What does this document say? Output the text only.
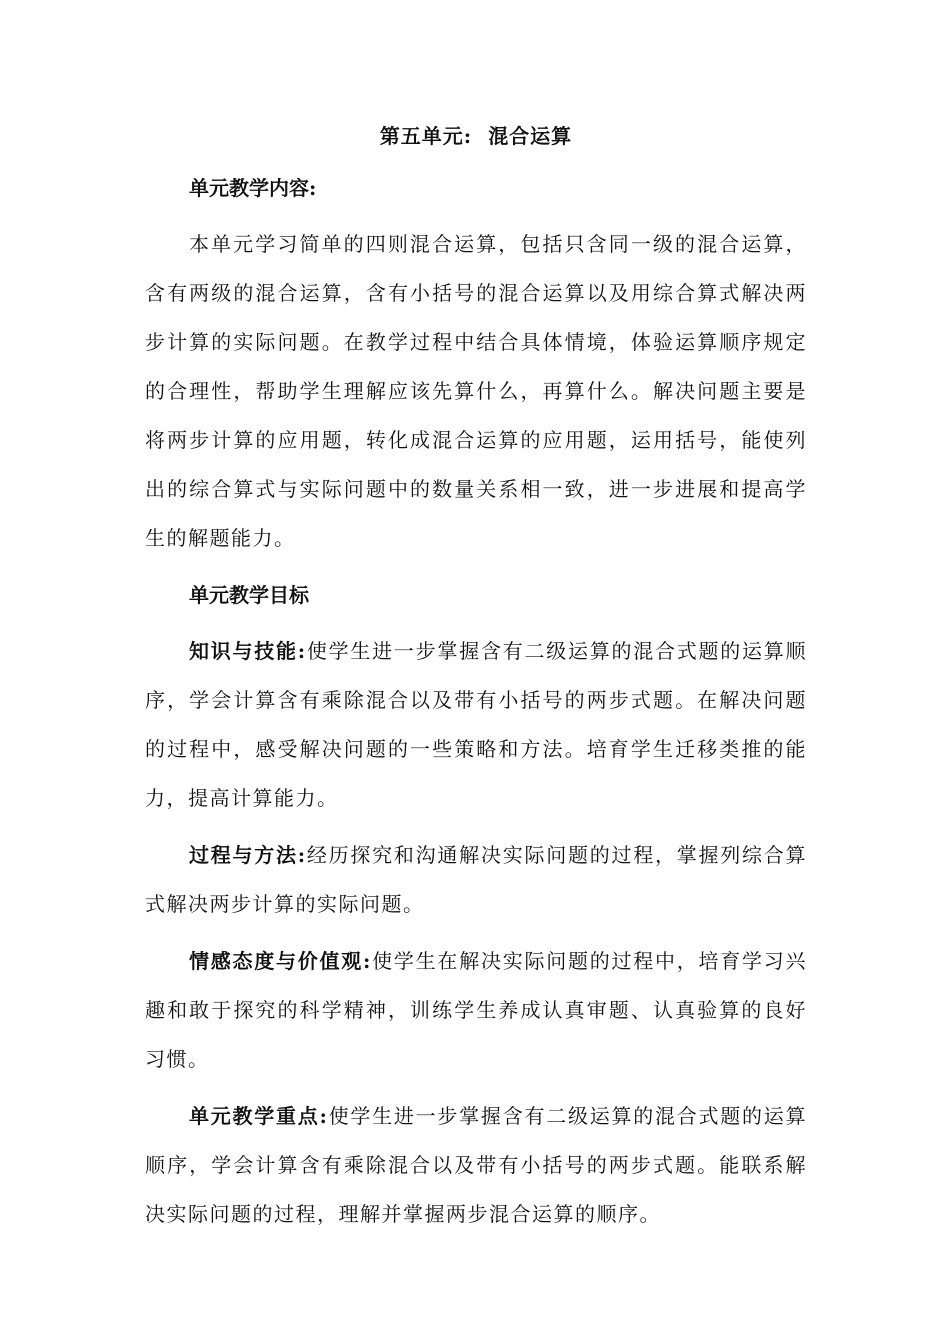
第五单元: 混合运算
单元教学内容:

本单元学习简单的四则混合运算，包括只含同一级的混合运算，含有两级的混合运算，含有小括号的混合运算以及用综合算式解决两步计算的实际问题。在教学过程中结合具体情境，体验运算顺序规定的合理性，帮助学生理解应该先算什么，再算什么。解决问题主要是将两步计算的应用题，转化成混合运算的应用题，运用括号，能使列出的综合算式与实际问题中的数量关系相一致，进一步进展和提高学生的解题能力。

单元教学目标

知识与技能:使学生进一步掌握含有二级运算的混合式题的运算顺序，学会计算含有乘除混合以及带有小括号的两步式题。在解决问题的过程中，感受解决问题的一些策略和方法。培育学生迁移类推的能力，提高计算能力。

过程与方法:经历探究和沟通解决实际问题的过程，掌握列综合算式解决两步计算的实际问题。

情感态度与价值观:使学生在解决实际问题的过程中，培育学习兴趣和敢于探究的科学精神，训练学生养成认真审题、认真验算的良好习惯。

单元教学重点:使学生进一步掌握含有二级运算的混合式题的运算顺序，学会计算含有乘除混合以及带有小括号的两步式题。能联系解决实际问题的过程，理解并掌握两步混合运算的顺序。
